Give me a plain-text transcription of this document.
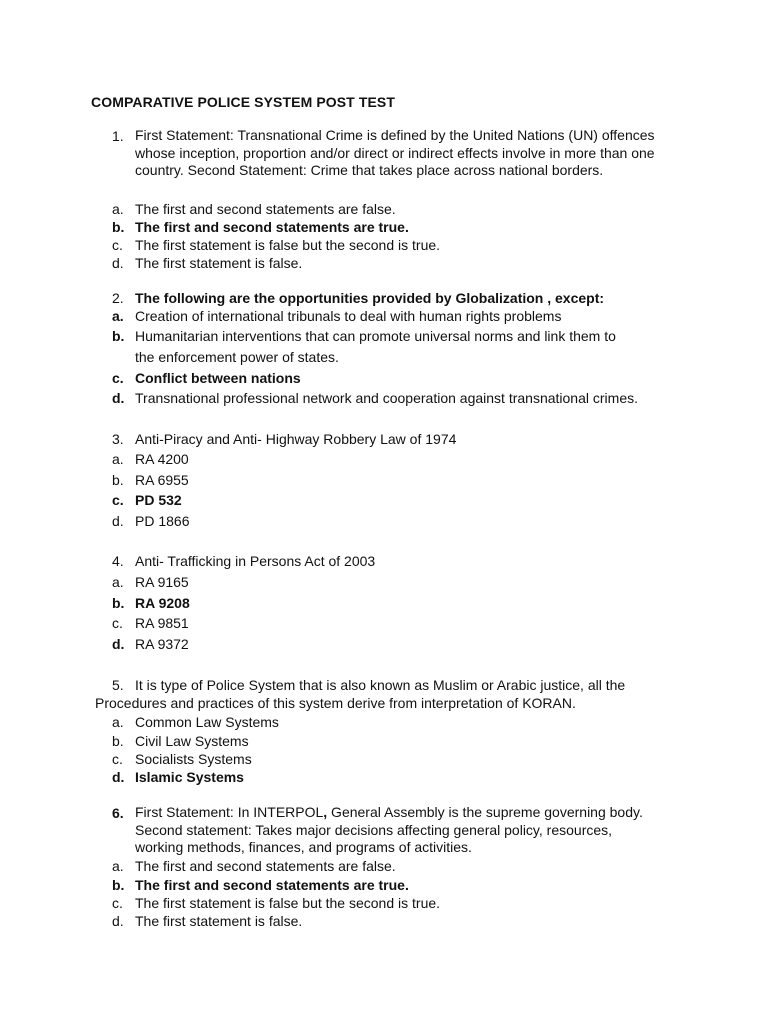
COMPARATIVE POLICE SYSTEM POST TEST
1. First Statement: Transnational Crime is defined by the United Nations (UN) offences whose inception, proportion and/or direct or indirect effects involve in more than one country. Second Statement: Crime that takes place across national borders.
a. The first and second statements are false.
b. The first and second statements are true.
c. The first statement is false but the second is true.
d. The first statement is false.
2. The following are the opportunities provided by Globalization , except:
a. Creation of international tribunals to deal with human rights problems
b. Humanitarian interventions that can promote universal norms and link them to
the enforcement power of states.
c. Conflict between nations
d. Transnational professional network and cooperation against transnational crimes.
3. Anti-Piracy and Anti- Highway Robbery Law of 1974
a. RA 4200
b. RA 6955
c. PD 532
d. PD 1866
4. Anti- Trafficking in Persons Act of 2003
a. RA 9165
b. RA 9208
c. RA 9851
d. RA 9372
5. It is type of Police System that is also known as Muslim or Arabic justice, all the
Procedures and practices of this system derive from interpretation of KORAN.
a. Common Law Systems
b. Civil Law Systems
c. Socialists Systems
d. Islamic Systems
6. First Statement: In INTERPOL, General Assembly is the supreme governing body. Second statement: Takes major decisions affecting general policy, resources, working methods, finances, and programs of activities.
a. The first and second statements are false.
b. The first and second statements are true.
c. The first statement is false but the second is true.
d. The first statement is false.
